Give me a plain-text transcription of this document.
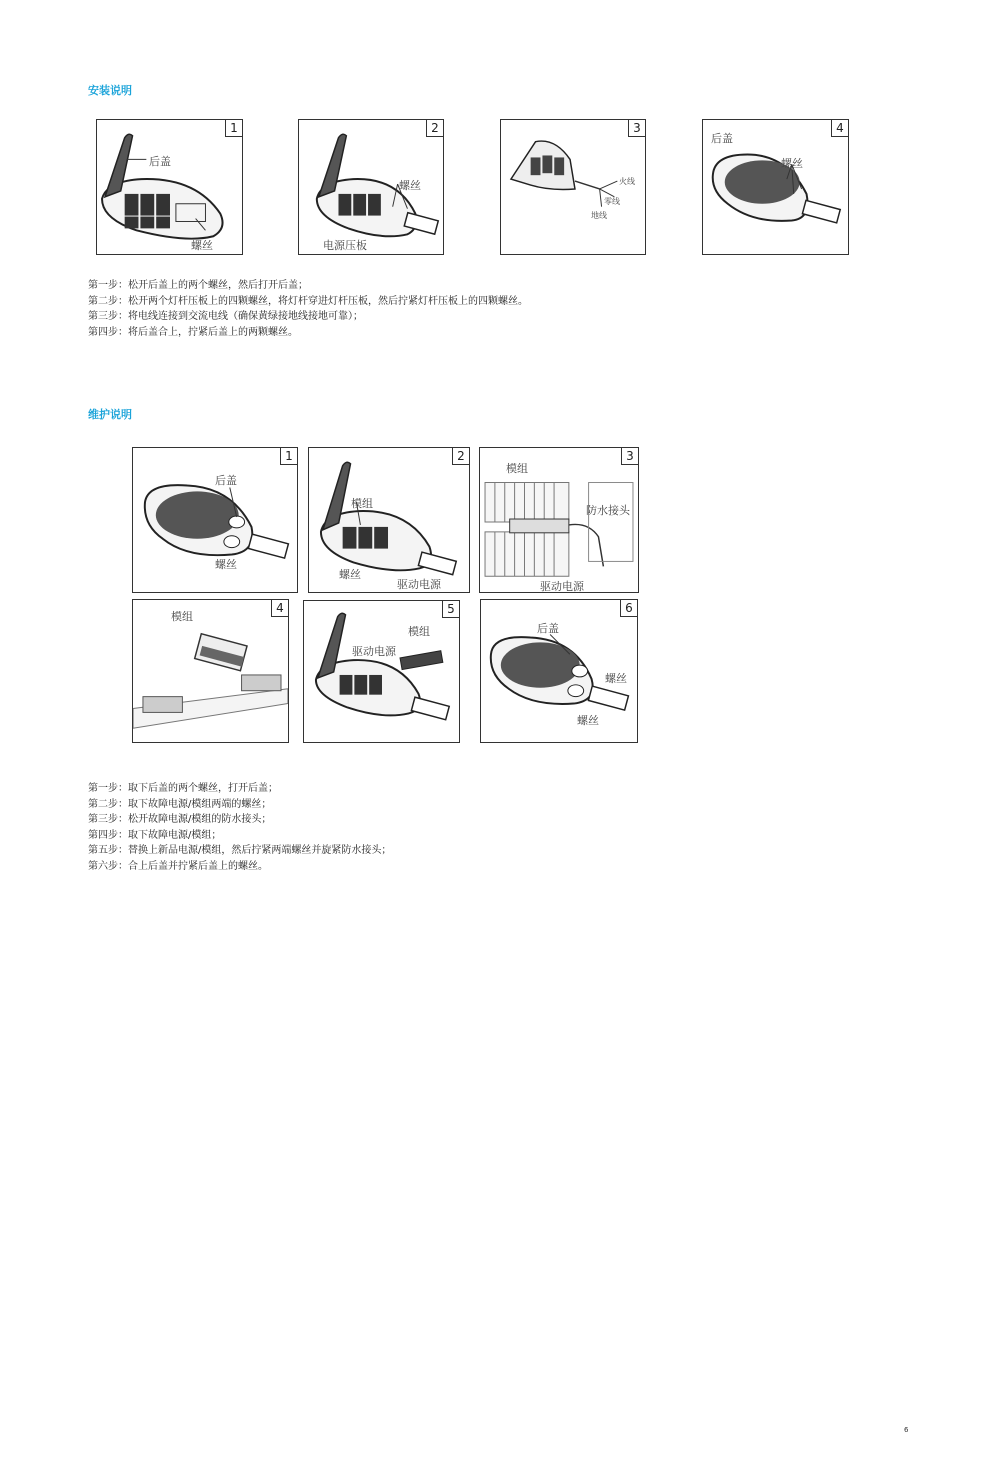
安装说明
1
后盖
螺丝
2
螺丝
电源压板
3
火线
零线
地线
4
后盖
螺丝
第一步：松开后盖上的两个螺丝，然后打开后盖；
第二步：松开两个灯杆压板上的四颗螺丝，将灯杆穿进灯杆压板，然后拧紧灯杆压板上的四颗螺丝。
第三步：将电线连接到交流电线（确保黄绿接地线接地可靠）；
第四步：将后盖合上，拧紧后盖上的两颗螺丝。
维护说明
1
后盖
螺丝
2
模组
螺丝
驱动电源
3
模组
防水接头
驱动电源
4
模组
5
模组
驱动电源
6
后盖
螺丝
螺丝
第一步：取下后盖的两个螺丝，打开后盖；
第二步：取下故障电源/模组两端的螺丝；
第三步：松开故障电源/模组的防水接头；
第四步：取下故障电源/模组；
第五步：替换上新品电源/模组，然后拧紧两端螺丝并旋紧防水接头；
第六步：合上后盖并拧紧后盖上的螺丝。
6
